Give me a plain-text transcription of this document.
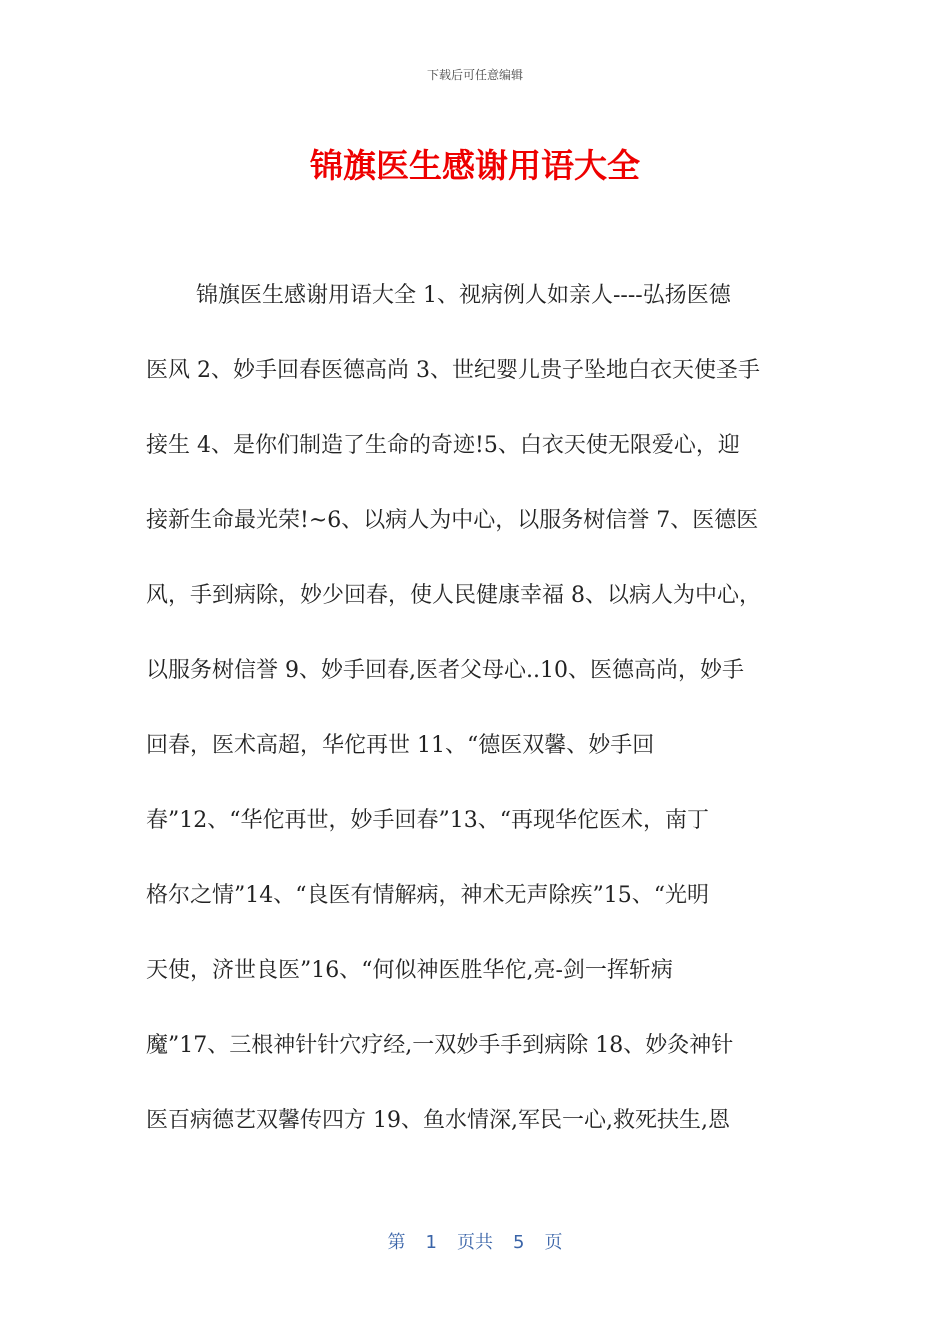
下载后可任意编辑
锦旗医生感谢用语大全
锦旗医生感谢用语大全 1、视病例人如亲人----弘扬医德
医风 2、妙手回春医德高尚 3、世纪婴儿贵子坠地白衣天使圣手
接生 4、是你们制造了生命的奇迹!5、白衣天使无限爱心，迎
接新生命最光荣!~6、以病人为中心，以服务树信誉 7、医德医
风，手到病除，妙少回春，使人民健康幸福 8、以病人为中心，
以服务树信誉 9、妙手回春,医者父母心..10、医德高尚，妙手
回春，医术高超，华佗再世 11、“德医双馨、妙手回
春”12、“华佗再世，妙手回春”13、“再现华佗医术，南丁
格尔之情”14、“良医有情解病，神术无声除疾”15、“光明
天使，济世良医”16、“何似神医胜华佗,亮-剑一挥斩病
魔”17、三根神针针穴疗经,一双妙手手到病除 18、妙灸神针
医百病德艺双馨传四方 19、鱼水情深,军民一心,救死扶生,恩
第 1 页共 5 页
